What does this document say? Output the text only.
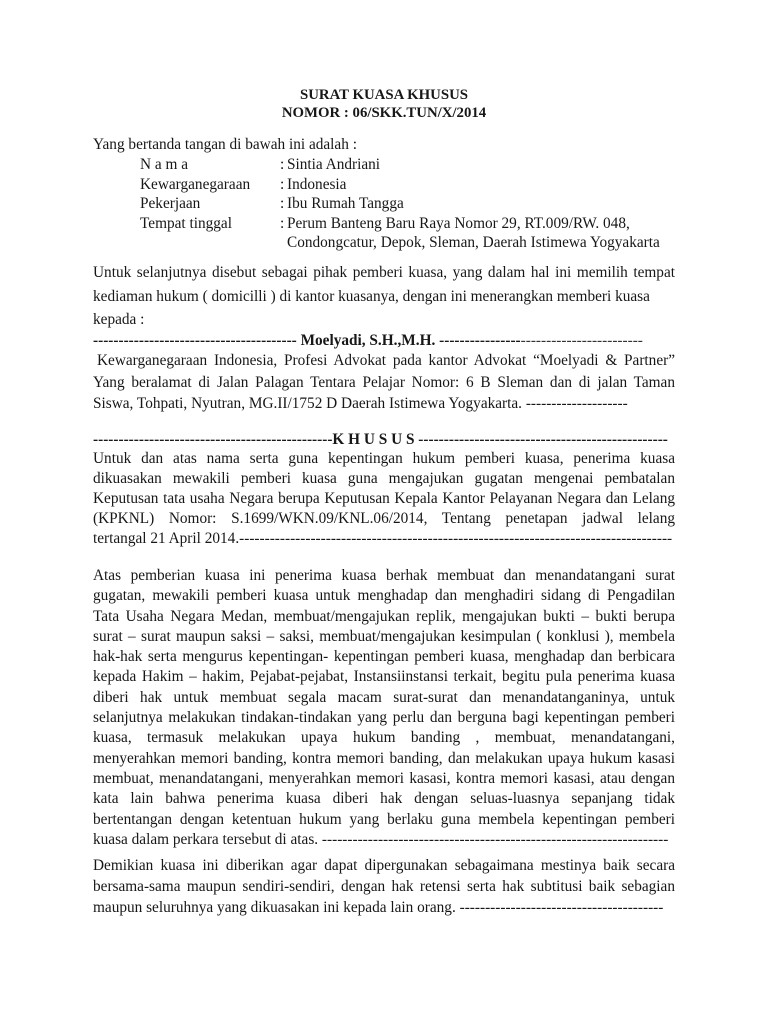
SURAT KUASA KHUSUS
NOMOR : 06/SKK.TUN/X/2014
Yang bertanda tangan di bawah ini adalah :
N a m a	: Sintia Andriani
Kewarganegaraan : Indonesia
Pekerjaan	: Ibu Rumah Tangga
Tempat tinggal	: Perum Banteng Baru Raya Nomor 29, RT.009/RW. 048,
Condongcatur, Depok, Sleman, Daerah Istimewa Yogyakarta
Untuk selanjutnya disebut sebagai pihak pemberi kuasa, yang dalam hal ini memilih tempat
kediaman hukum ( domicilli ) di kantor kuasanya, dengan ini menerangkan memberi kuasa
kepada :
---------------------------------------- Moelyadi, S.H.,M.H. ----------------------------------------
Kewarganegaraan Indonesia, Profesi Advokat pada kantor Advokat “Moelyadi & Partner”
Yang beralamat di Jalan Palagan Tentara Pelajar Nomor: 6 B Sleman dan di jalan Taman
Siswa, Tohpati, Nyutran, MG.II/1752 D Daerah Istimewa Yogyakarta. --------------------
-----------------------------------------------K H U S U S -------------------------------------------------
Untuk dan atas nama serta guna kepentingan hukum pemberi kuasa, penerima kuasa
dikuasakan mewakili pemberi kuasa guna mengajukan gugatan mengenai pembatalan
Keputusan tata usaha Negara berupa Keputusan Kepala Kantor Pelayanan Negara dan Lelang
(KPKNL) Nomor: S.1699/WKN.09/KNL.06/2014, Tentang penetapan jadwal lelang
tertangal 21 April 2014.-------------------------------------------------------------------------------------
Atas pemberian kuasa ini penerima kuasa berhak membuat dan menandatangani surat
gugatan, mewakili pemberi kuasa untuk menghadap dan menghadiri sidang di Pengadilan
Tata Usaha Negara Medan, membuat/mengajukan replik, mengajukan bukti – bukti berupa
surat – surat maupun saksi – saksi, membuat/mengajukan kesimpulan ( konklusi ), membela
hak-hak serta mengurus kepentingan- kepentingan pemberi kuasa, menghadap dan berbicara
kepada Hakim – hakim, Pejabat-pejabat, Instansiinstansi terkait, begitu pula penerima kuasa
diberi hak untuk membuat segala macam surat-surat dan menandatanganinya, untuk
selanjutnya melakukan tindakan-tindakan yang perlu dan berguna bagi kepentingan pemberi
kuasa, termasuk melakukan upaya hukum banding , membuat, menandatangani,
menyerahkan memori banding, kontra memori banding, dan melakukan upaya hukum kasasi
membuat, menandatangani, menyerahkan memori kasasi, kontra memori kasasi, atau dengan
kata lain bahwa penerima kuasa diberi hak dengan seluas-luasnya sepanjang tidak
bertentangan dengan ketentuan hukum yang berlaku guna membela kepentingan pemberi
kuasa dalam perkara tersebut di atas. --------------------------------------------------------------------
Demikian kuasa ini diberikan agar dapat dipergunakan sebagaimana mestinya baik secara
bersama-sama maupun sendiri-sendiri, dengan hak retensi serta hak subtitusi baik sebagian
maupun seluruhnya yang dikuasakan ini kepada lain orang. ----------------------------------------
